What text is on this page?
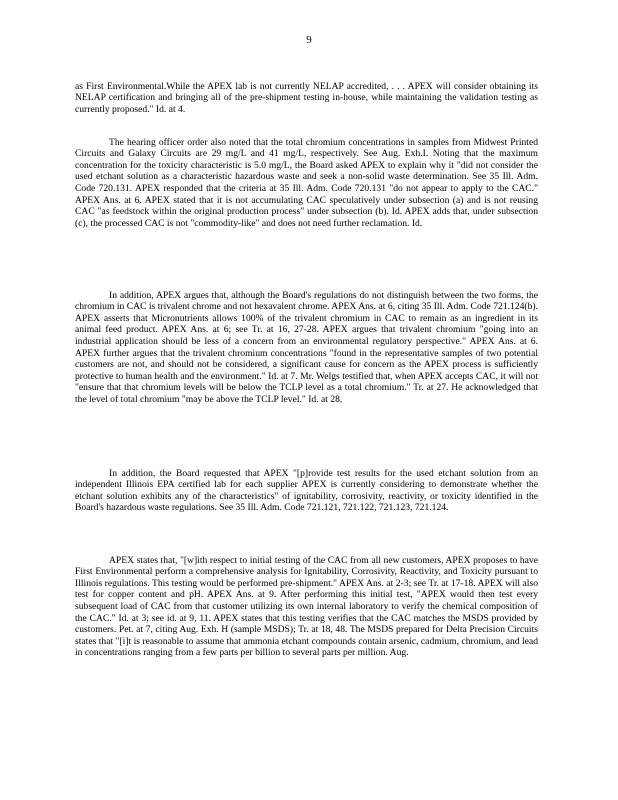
9

as First Environmental.While the APEX lab is not currently NELAP accredited, . . . APEX will consider obtaining its NELAP certification and bringing all of the pre-shipment testing in-house, while maintaining the validation testing as currently proposed." Id. at 4.

The hearing officer order also noted that the total chromium concentrations in samples from Midwest Printed Circuits and Galaxy Circuits are 29 mg/L and 41 mg/L, respectively. See Aug. Exh.I. Noting that the maximum concentration for the toxicity characteristic is 5.0 mg/L, the Board asked APEX to explain why it "did not consider the used etchant solution as a characteristic hazardous waste and seek a non-solid waste determination. See 35 Ill. Adm. Code 720.131. APEX responded that the criteria at 35 Ill. Adm. Code 720.131 "do not appear to apply to the CAC." APEX Ans. at 6. APEX stated that it is not accumulating CAC speculatively under subsection (a) and is not reusing CAC "as feedstock within the original production process" under subsection (b). Id. APEX adds that, under subsection (c), the processed CAC is not "commodity-like" and does not need further reclamation. Id.

In addition, APEX argues that, although the Board's regulations do not distinguish between the two forms, the chromium in CAC is trivalent chrome and not hexavalent chrome. APEX Ans. at 6, citing 35 Ill. Adm. Code 721.124(b). APEX asserts that Micronutrients allows 100% of the trivalent chromium in CAC to remain as an ingredient in its animal feed product. APEX Ans. at 6; see Tr. at 16, 27-28. APEX argues that trivalent chromium "going into an industrial application should be less of a concern from an environmental regulatory perspective." APEX Ans. at 6. APEX further argues that the trivalent chromium concentrations "found in the representative samples of two potential customers are not, and should not be considered, a significant cause for concern as the APEX process is sufficiently protective to human health and the environment." Id. at 7. Mr. Welgs testified that, when APEX accepts CAC, it will not "ensure that that chromium levels will be below the TCLP level as a total chromium." Tr. at 27. He acknowledged that the level of total chromium "may be above the TCLP level." Id. at 28.

In addition, the Board requested that APEX "[p]rovide test results for the used etchant solution from an independent Illinois EPA certified lab for each supplier APEX is currently considering to demonstrate whether the etchant solution exhibits any of the characteristics" of ignitability, corrosivity, reactivity, or toxicity identified in the Board's hazardous waste regulations. See 35 Ill. Adm. Code 721.121, 721.122, 721.123, 721.124.

APEX states that, "[w]ith respect to initial testing of the CAC from all new customers, APEX proposes to have First Environmental perform a comprehensive analysis for Ignitability, Corrosivity, Reactivity, and Toxicity pursuant to Illinois regulations. This testing would be performed pre-shipment." APEX Ans. at 2-3; see Tr. at 17-18. APEX will also test for copper content and pH. APEX Ans. at 9. After performing this initial test, "APEX would then test every subsequent load of CAC from that customer utilizing its own internal laboratory to verify the chemical composition of the CAC." Id. at 3; see id. at 9, 11. APEX states that this testing verifies that the CAC matches the MSDS provided by customers. Pet. at 7, citing Aug. Exh. H (sample MSDS); Tr. at 18, 48. The MSDS prepared for Delta Precision Circuits states that "[i]t is reasonable to assume that ammonia etchant compounds contain arsenic, cadmium, chromium, and lead in concentrations ranging from a few parts per billion to several parts per million. Aug.
